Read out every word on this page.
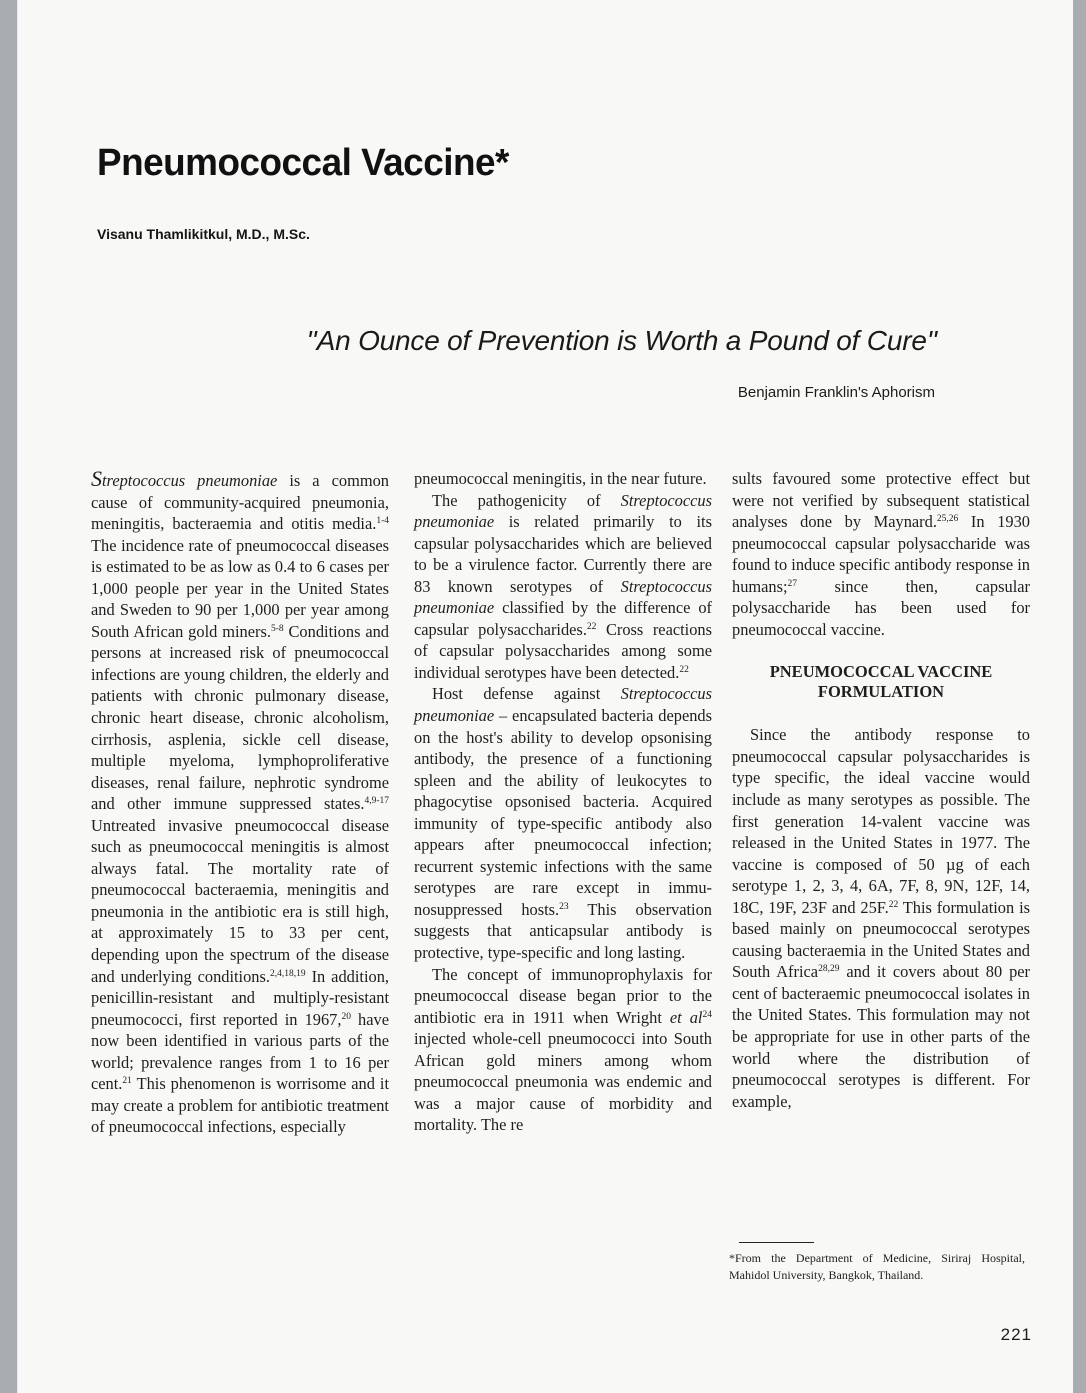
Pneumococcal Vaccine*

Visanu Thamlikitkul, M.D., M.Sc.

''An Ounce of Prevention is Worth a Pound of Cure''

Benjamin Franklin's Aphorism

Streptococcus pneumoniae is a common cause of community-acquired pneumonia, meningitis, bacteraemia and otitis media.$^{1-4}$ The incidence rate of pneumococcal diseases is estimated to be as low as 0.4 to 6 cases per 1,000 people per year in the United States and Sweden to 90 per 1,000 per year among South African gold miners.$^{5-8}$ Conditions and persons at increased risk of pneumococcal infections are young children, the elderly and patients with chronic pulmonary disease, chronic heart disease, chronic alcoholism, cirrhosis, asplenia, sickle cell disease, multiple myeloma, lymphoproliferative diseases, renal failure, nephrotic syndrome and other immune suppressed states.$^{4,9-17}$ Untreated invasive pneumococcal disease such as pneumococcal meningitis is almost always fatal. The mortality rate of pneumococcal bacteraemia, meningitis and pneumonia in the antibiotic era is still high, at approximately 15 to 33 per cent, depending upon the spectrum of the disease and underlying conditions.$^{2,4,18,19}$ In addition, penicillin-resistant and multiply-resistant pneumococci, first reported in 1967,20 have now been identified in various parts of the world; prevalence ranges from 1 to 16 per cent.$^{21}$ This phenomenon is worrisome and it may create a problem for antibiotic treatment of pneumococcal infections, especially

pneumococcal meningitis, in the near future.

The pathogenicity of Streptococcus pneumoniae is related primarily to its capsular polysaccharides which are believed to be a virulence factor. Currently there are 83 known serotypes of Streptococcus pneumoniae classified by the difference of capsular polysaccharides.$^{22}$ Cross reactions of capsular polysaccharides among some individual serotypes have been detected.$^{22}$

Host defense against Streptococcus pneumoniae – encapsulated bacteria depends on the host's ability to develop opsonising antibody, the presence of a functioning spleen and the ability of leukocytes to phagocytise opsonised bacteria. Acquired immunity of type-specific antibody also appears after pneumococcal infection; recurrent systemic infections with the same serotypes are rare except in immunosuppressed hosts.$^{23}$ This observation suggests that anticapsular antibody is protective, type-specific and long lasting.

The concept of immunoprophylaxis for pneumococcal disease began prior to the antibiotic era in 1911 when Wright et $al^{24}$ injected whole-cell pneumococci into South African gold miners among whom pneumococcal pneumonia was endemic and was a major cause of morbidity and mortality. The re

sults favoured some protective effect but were not verified by subsequent statistical analyses done by Maynard.$^{25,26}$ In 1930 pneumococcal capsular polysaccharide was found to induce specific antibody response in humans;$^{27}$ since then, capsular polysaccharide has been used for pneumococcal vaccine.

PNEUMOCOCCAL VACCINE FORMULATION

Since the antibody response to pneumococcal capsular polysaccharides is type specific, the ideal vaccine would include as many serotypes as possible. The first generation 14-valent vaccine was released in the United States in 1977. The vaccine is composed of 50 µg of each serotype 1, 2, 3, 4, 6A, 7F, 8, 9N, 12F, 14, 18C, 19F, 23F and 25F.$^{22}$ This formulation is based mainly on pneumococcal serotypes causing bacteraemia in the United States and South Africa$^{28,29}$ and it covers about 80 per cent of bacteraemic pneumococcal isolates in the United States. This formulation may not be appropriate for use in other parts of the world where the distribution of pneumococcal serotypes is different. For example,

*From the Department of Medicine, Siriraj Hospital, Mahidol University, Bangkok, Thailand.

221
